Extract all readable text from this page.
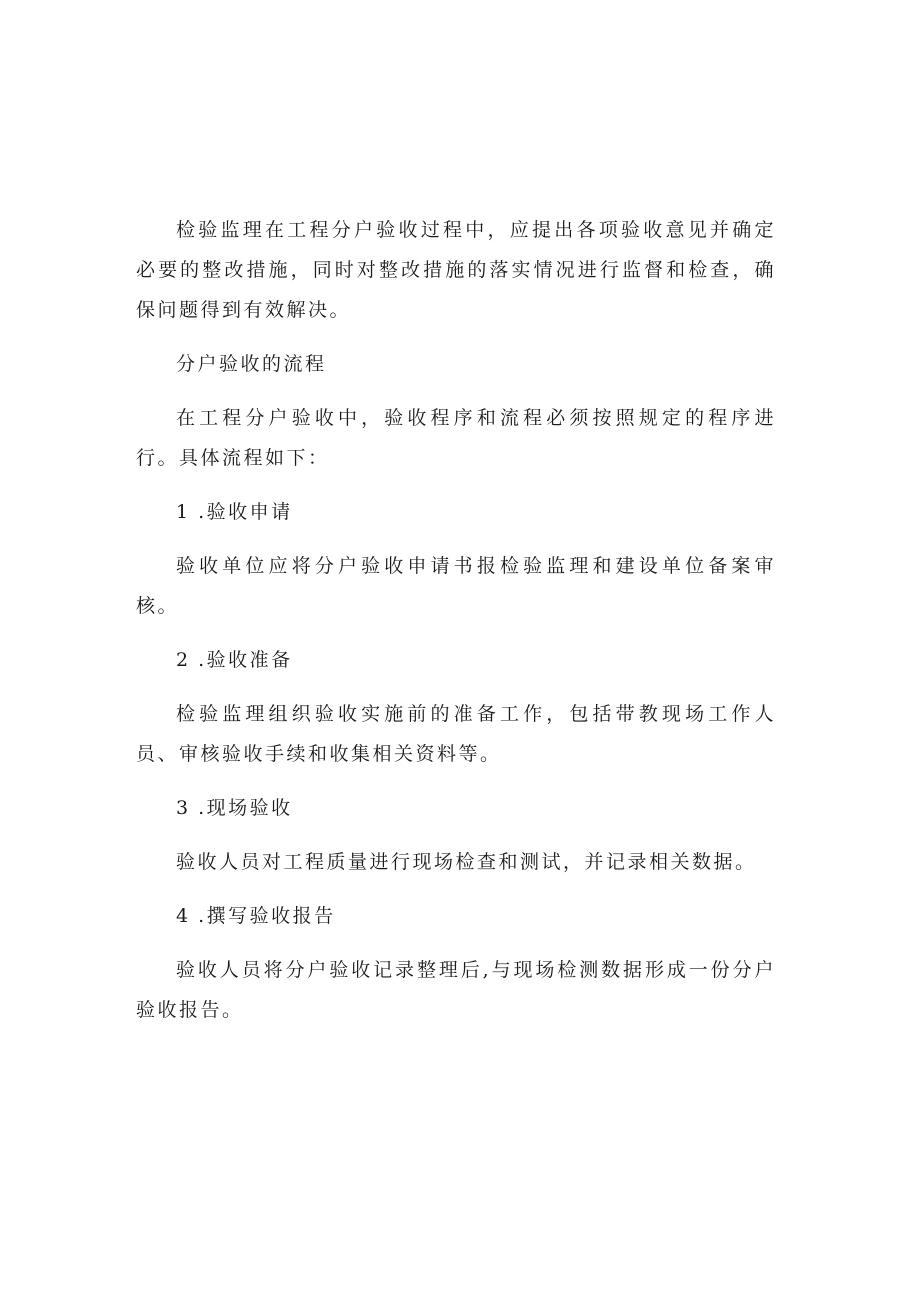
检验监理在工程分户验收过程中，应提出各项验收意见并确定必要的整改措施，同时对整改措施的落实情况进行监督和检查，确保问题得到有效解决。

分户验收的流程

在工程分户验收中，验收程序和流程必须按照规定的程序进行。具体流程如下：

1 .验收申请

验收单位应将分户验收申请书报检验监理和建设单位备案审核。

2 .验收准备

检验监理组织验收实施前的准备工作，包括带教现场工作人员、审核验收手续和收集相关资料等。

3 .现场验收

验收人员对工程质量进行现场检查和测试，并记录相关数据。

4 .撰写验收报告

验收人员将分户验收记录整理后,与现场检测数据形成一份分户验收报告。
